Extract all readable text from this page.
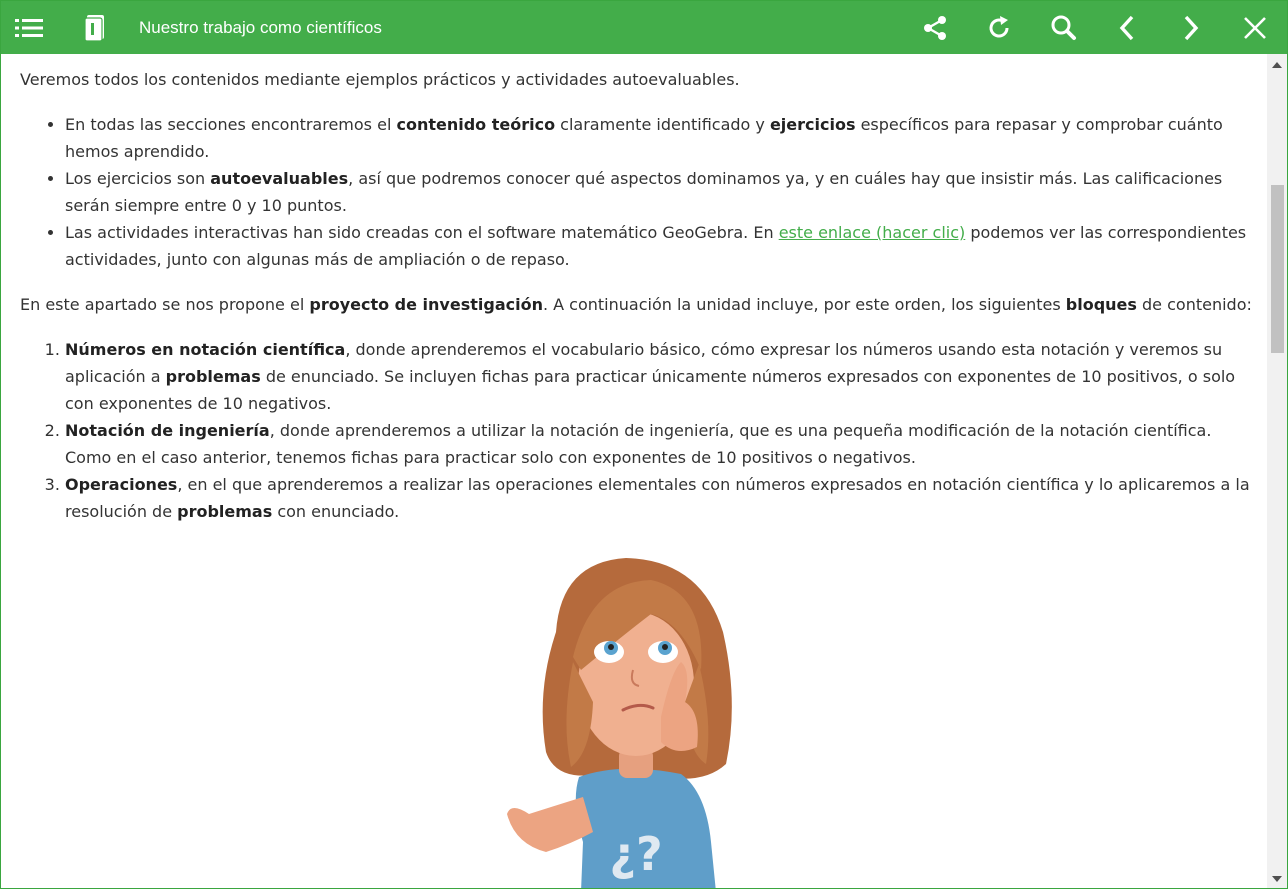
Nuestro trabajo como científicos

Veremos todos los contenidos mediante ejemplos prácticos y actividades autoevaluables.

• En todas las secciones encontraremos el contenido teórico claramente identificado y ejercicios específicos para repasar y comprobar cuánto hemos aprendido.
• Los ejercicios son autoevaluables, así que podremos conocer qué aspectos dominamos ya, y en cuáles hay que insistir más. Las calificaciones serán siempre entre 0 y 10 puntos.
• Las actividades interactivas han sido creadas con el software matemático GeoGebra. En este enlace (hacer clic) podemos ver las correspondientes actividades, junto con algunas más de ampliación o de repaso.

En este apartado se nos propone el proyecto de investigación. A continuación la unidad incluye, por este orden, los siguientes bloques de contenido:

1. Números en notación científica, donde aprenderemos el vocabulario básico, cómo expresar los números usando esta notación y veremos su aplicación a problemas de enunciado. Se incluyen fichas para practicar únicamente números expresados con exponentes de 10 positivos, o solo con exponentes de 10 negativos.
2. Notación de ingeniería, donde aprenderemos a utilizar la notación de ingeniería, que es una pequeña modificación de la notación científica. Como en el caso anterior, tenemos fichas para practicar solo con exponentes de 10 positivos o negativos.
3. Operaciones, en el que aprenderemos a realizar las operaciones elementales con números expresados en notación científica y lo aplicaremos a la resolución de problemas con enunciado.
¿?
